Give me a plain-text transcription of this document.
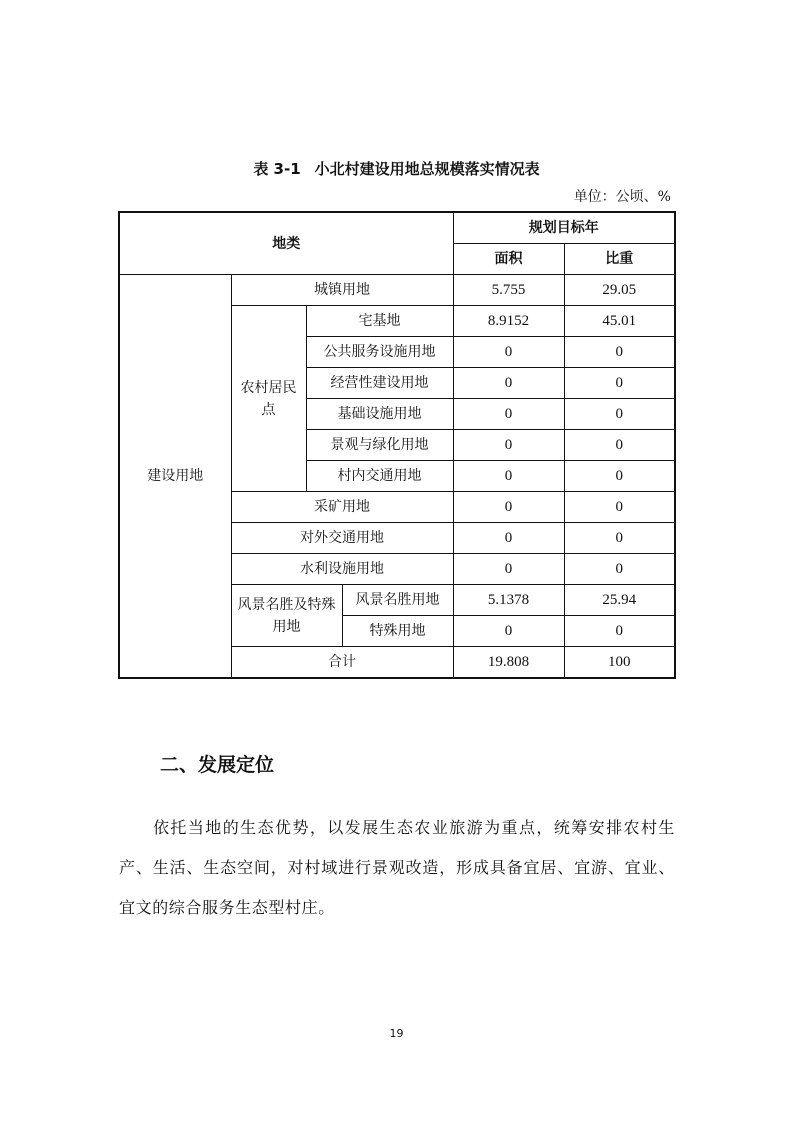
表 3-1 小北村建设用地总规模落实情况表
单位：公顷、%
地类				规划目标年	
				面积	比重
建设用地	城镇用地			5.755	29.05
	农村居民点	宅基地		8.9152	45.01
		公共服务设施用地		0	0
		经营性建设用地		0	0
		基础设施用地		0	0
		景观与绿化用地		0	0
		村内交通用地		0	0
	采矿用地			0	0
	对外交通用地			0	0
	水利设施用地			0	0
	风景名胜及特殊用地		风景名胜用地	5.1378	25.94
			特殊用地	0	0
	合计			19.808	100
二、发展定位
依托当地的生态优势，以发展生态农业旅游为重点，统筹安排农村生产、生活、生态空间，对村域进行景观改造，形成具备宜居、宜游、宜业、宜文的综合服务生态型村庄。
19
